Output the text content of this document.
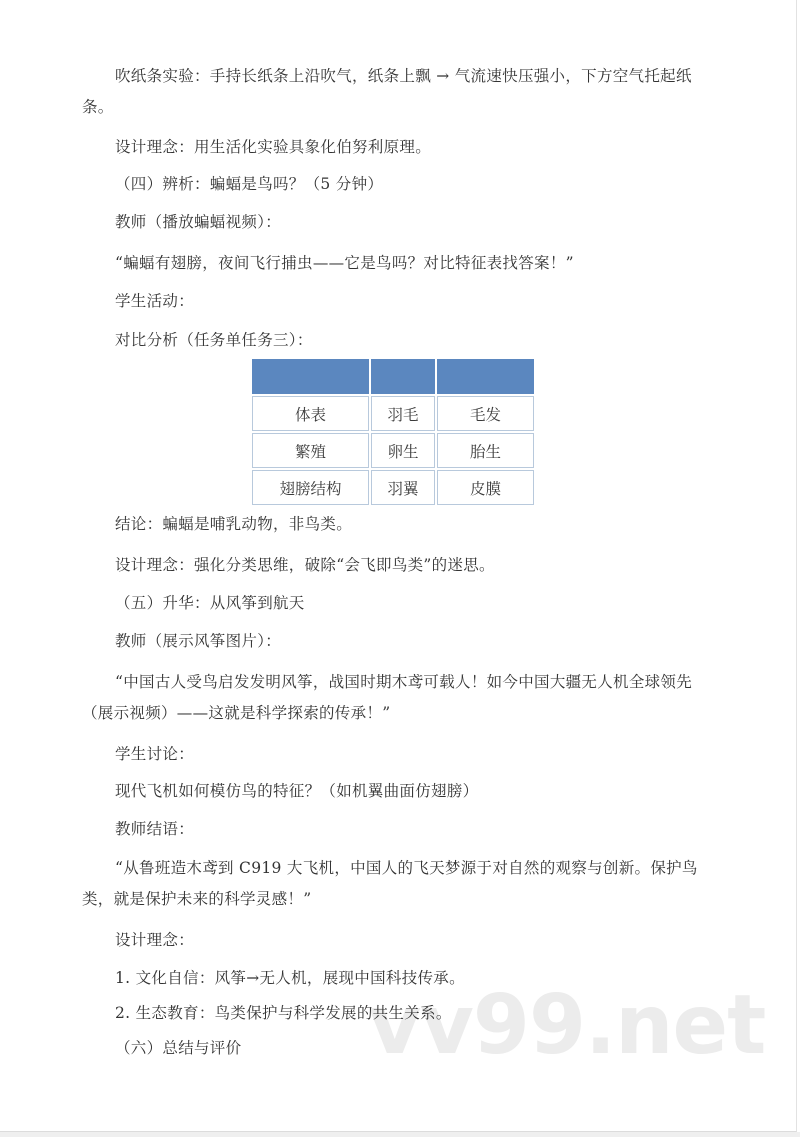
vv99.net

吹纸条实验：手持长纸条上沿吹气，纸条上飘 → 气流速快压强小，下方空气托起纸条。

设计理念：用生活化实验具象化伯努利原理。

（四）辨析：蝙蝠是鸟吗？（5 分钟）

教师（播放蝙蝠视频）：

“蝙蝠有翅膀，夜间飞行捕虫——它是鸟吗？对比特征表找答案！”

学生活动：

对比分析（任务单任务三）：

体表	羽毛	毛发
繁殖	卵生	胎生
翅膀结构	羽翼	皮膜

结论：蝙蝠是哺乳动物，非鸟类。

设计理念：强化分类思维，破除“会飞即鸟类”的迷思。

（五）升华：从风筝到航天

教师（展示风筝图片）：

“中国古人受鸟启发发明风筝，战国时期木鸢可载人！如今中国大疆无人机全球领先（展示视频）——这就是科学探索的传承！”

学生讨论：

现代飞机如何模仿鸟的特征？（如机翼曲面仿翅膀）

教师结语：

“从鲁班造木鸢到 C919 大飞机，中国人的飞天梦源于对自然的观察与创新。保护鸟类，就是保护未来的科学灵感！”

设计理念：

1. 文化自信：风筝→无人机，展现中国科技传承。

2. 生态教育：鸟类保护与科学发展的共生关系。

（六）总结与评价
